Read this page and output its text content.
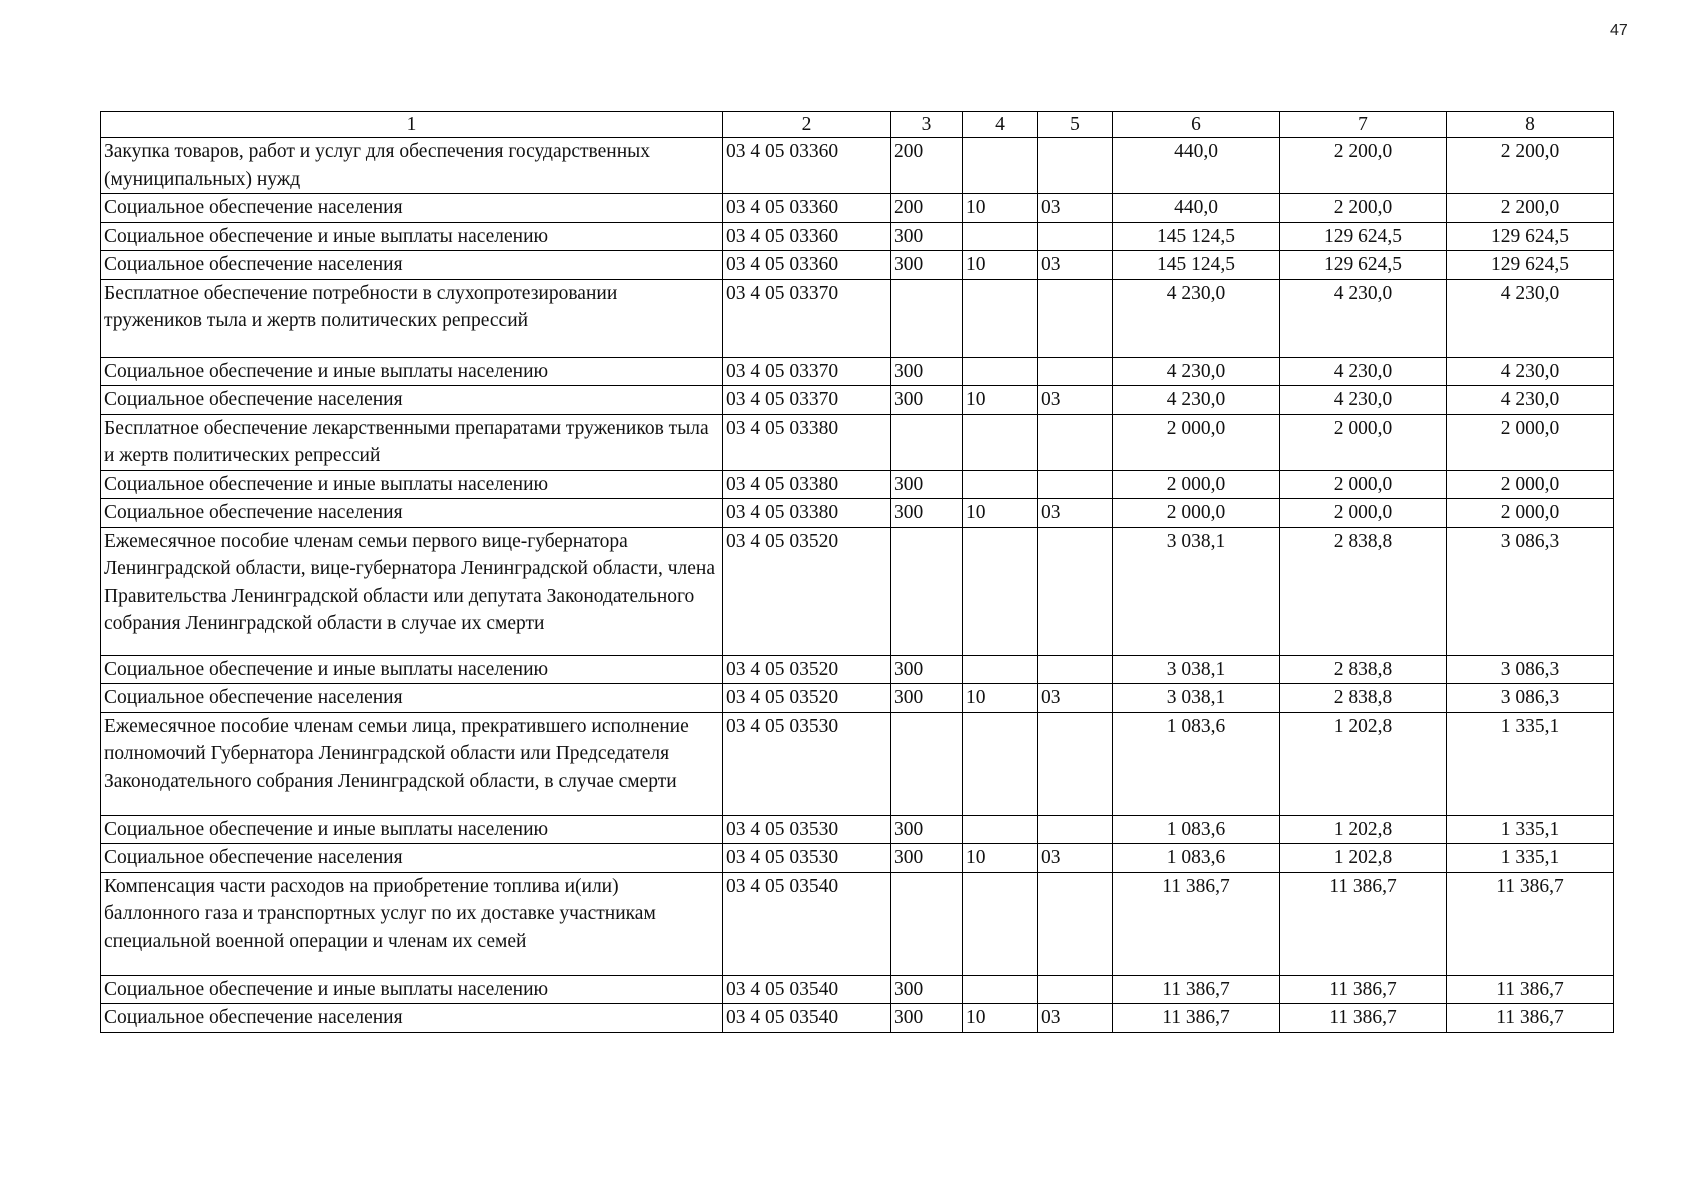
47
1	2	3	4	5	6	7	8
Закупка товаров, работ и услуг для обеспечения государственных (муниципальных) нужд	03 4 05 03360	200			440,0	2 200,0	2 200,0
Социальное обеспечение населения	03 4 05 03360	200	10	03	440,0	2 200,0	2 200,0
Социальное обеспечение и иные выплаты населению	03 4 05 03360	300			145 124,5	129 624,5	129 624,5
Социальное обеспечение населения	03 4 05 03360	300	10	03	145 124,5	129 624,5	129 624,5
Бесплатное обеспечение потребности в слухопротезировании тружеников тыла и жертв политических репрессий	03 4 05 03370				4 230,0	4 230,0	4 230,0
Социальное обеспечение и иные выплаты населению	03 4 05 03370	300			4 230,0	4 230,0	4 230,0
Социальное обеспечение населения	03 4 05 03370	300	10	03	4 230,0	4 230,0	4 230,0
Бесплатное обеспечение лекарственными препаратами тружеников тыла и жертв политических репрессий	03 4 05 03380				2 000,0	2 000,0	2 000,0
Социальное обеспечение и иные выплаты населению	03 4 05 03380	300			2 000,0	2 000,0	2 000,0
Социальное обеспечение населения	03 4 05 03380	300	10	03	2 000,0	2 000,0	2 000,0
Ежемесячное пособие членам семьи первого вице-губернатора Ленинградской области, вице-губернатора Ленинградской области, члена Правительства Ленинградской области или депутата Законодательного собрания Ленинградской области в случае их смерти	03 4 05 03520				3 038,1	2 838,8	3 086,3
Социальное обеспечение и иные выплаты населению	03 4 05 03520	300			3 038,1	2 838,8	3 086,3
Социальное обеспечение населения	03 4 05 03520	300	10	03	3 038,1	2 838,8	3 086,3
Ежемесячное пособие членам семьи лица, прекратившего исполнение полномочий Губернатора Ленинградской области или Председателя Законодательного собрания Ленинградской области, в случае смерти	03 4 05 03530				1 083,6	1 202,8	1 335,1
Социальное обеспечение и иные выплаты населению	03 4 05 03530	300			1 083,6	1 202,8	1 335,1
Социальное обеспечение населения	03 4 05 03530	300	10	03	1 083,6	1 202,8	1 335,1
Компенсация части расходов на приобретение топлива и(или) баллонного газа и транспортных услуг по их доставке участникам специальной военной операции и членам их семей	03 4 05 03540				11 386,7	11 386,7	11 386,7
Социальное обеспечение и иные выплаты населению	03 4 05 03540	300			11 386,7	11 386,7	11 386,7
Социальное обеспечение населения	03 4 05 03540	300	10	03	11 386,7	11 386,7	11 386,7
